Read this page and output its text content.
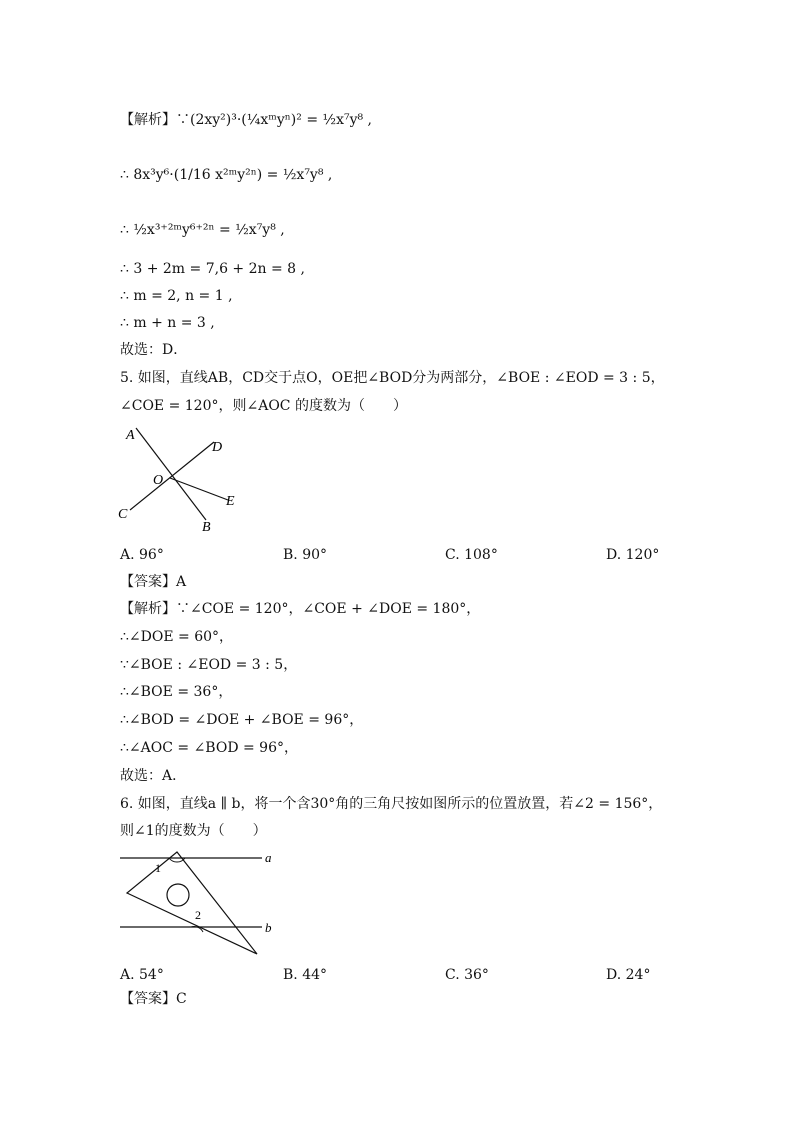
【解析】∵(2xy²)³·(¼xᵐyⁿ)² = ½x⁷y⁸ ,
∴ 8x³y⁶·(1/16 x²ᵐy²ⁿ) = ½x⁷y⁸ ,
∴ ½x³⁺²ᵐy⁶⁺²ⁿ = ½x⁷y⁸ ,
∴ 3 + 2m = 7,6 + 2n = 8 ,
∴ m = 2, n = 1 ,
∴ m + n = 3 ,
故选：D．
5. 如图，直线AB，CD交于点O，OE把∠BOD分为两部分，∠BOE : ∠EOD = 3 : 5，
∠COE = 120°，则∠AOC 的度数为（　　）
A
D
O
E
C
B
A. 96°	B. 90°	C. 108°	D. 120°
【答案】A
【解析】∵∠COE = 120°，∠COE + ∠DOE = 180°，
∴∠DOE = 60°，
∵∠BOE : ∠EOD = 3 : 5，
∴∠BOE = 36°，
∴∠BOD = ∠DOE + ∠BOE = 96°，
∴∠AOC = ∠BOD = 96°，
故选：A．
6. 如图，直线a ∥ b，将一个含30°角的三角尺按如图所示的位置放置，若∠2 = 156°，
则∠1的度数为（　　）
a
b
1
2
A. 54°	B. 44°	C. 36°	D. 24°
【答案】C
